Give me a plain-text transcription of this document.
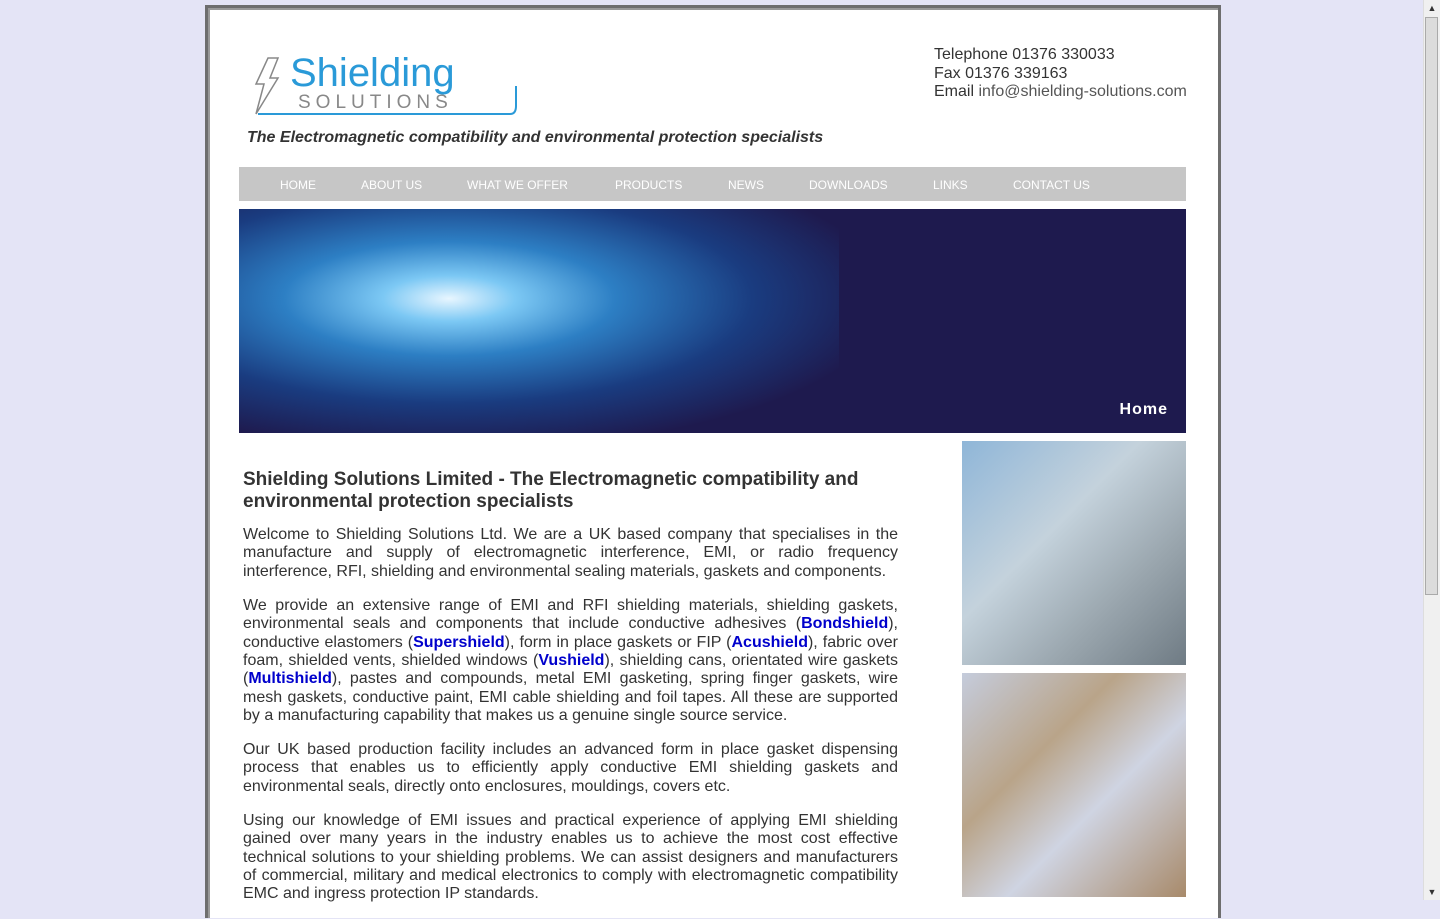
Shielding
SOLUTIONS
Telephone 01376 330033
Fax 01376 339163
Email info@shielding-solutions.com
The Electromagnetic compatibility and environmental protection specialists
HOME	ABOUT US	WHAT WE OFFER	PRODUCTS	NEWS	DOWNLOADS	LINKS	CONTACT US
Home
Shielding Solutions Limited - The Electromagnetic compatibility and environmental protection specialists

Welcome to Shielding Solutions Ltd. We are a UK based company that specialises in the manufacture and supply of electromagnetic interference, EMI, or radio frequency interference, RFI, shielding and environmental sealing materials, gaskets and components.

We provide an extensive range of EMI and RFI shielding materials, shielding gaskets, environmental seals and components that include conductive adhesives (Bondshield), conductive elastomers (Supershield), form in place gaskets or FIP (Acushield), fabric over foam, shielded vents, shielded windows (Vushield), shielding cans, orientated wire gaskets (Multishield), pastes and compounds, metal EMI gasketing, spring finger gaskets, wire mesh gaskets, conductive paint, EMI cable shielding and foil tapes. All these are supported by a manufacturing capability that makes us a genuine single source service.

Our UK based production facility includes an advanced form in place gasket dispensing process that enables us to efficiently apply conductive EMI shielding gaskets and environmental seals, directly onto enclosures, mouldings, covers etc.

Using our knowledge of EMI issues and practical experience of applying EMI shielding gained over many years in the industry enables us to achieve the most cost effective technical solutions to your shielding problems. We can assist designers and manufacturers of commercial, military and medical electronics to comply with electromagnetic compatibility EMC and ingress protection IP standards.

▲
▼
